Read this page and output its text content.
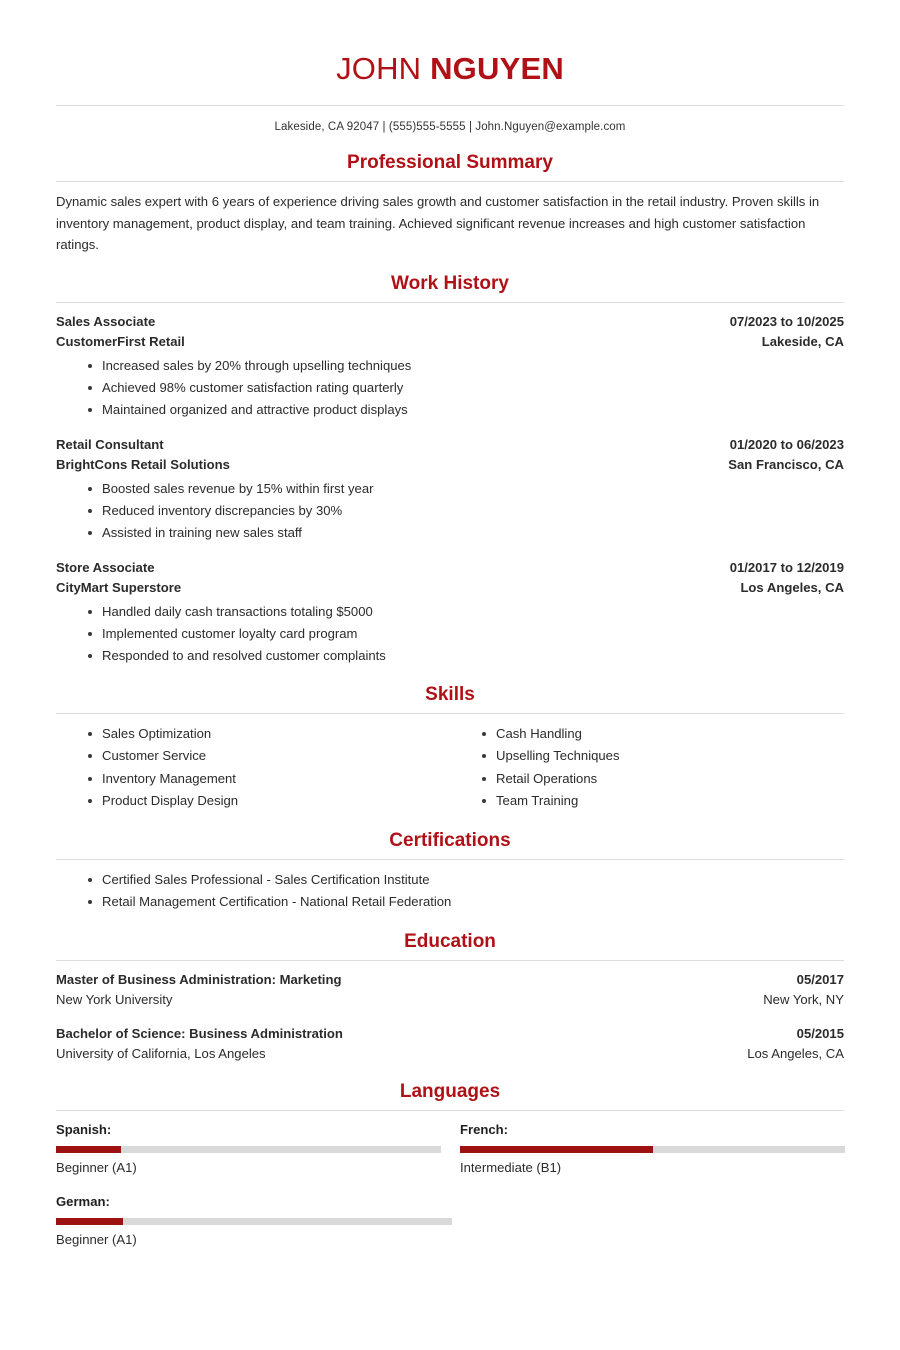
JOHN NGUYEN
Lakeside, CA 92047 | (555)555-5555 | John.Nguyen@example.com
Professional Summary

Dynamic sales expert with 6 years of experience driving sales growth and customer satisfaction in the retail industry. Proven skills in inventory management, product display, and team training. Achieved significant revenue increases and high customer satisfaction ratings.

Work History
Sales Associate	07/2023 to 10/2025
CustomerFirst Retail	Lakeside, CA
Increased sales by 20% through upselling techniques
Achieved 98% customer satisfaction rating quarterly
Maintained organized and attractive product displays
Retail Consultant	01/2020 to 06/2023
BrightCons Retail Solutions	San Francisco, CA
Boosted sales revenue by 15% within first year
Reduced inventory discrepancies by 30%
Assisted in training new sales staff
Store Associate	01/2017 to 12/2019
CityMart Superstore	Los Angeles, CA
Handled daily cash transactions totaling $5000
Implemented customer loyalty card program
Responded to and resolved customer complaints
Skills
Sales Optimization
Customer Service
Inventory Management
Product Display Design
Cash Handling
Upselling Techniques
Retail Operations
Team Training
Certifications
Certified Sales Professional - Sales Certification Institute
Retail Management Certification - National Retail Federation
Education
Master of Business Administration: Marketing	05/2017
New York University	New York, NY
Bachelor of Science: Business Administration	05/2015
University of California, Los Angeles	Los Angeles, CA
Languages
Spanish:
Beginner (A1)
French:
Intermediate (B1)
German:
Beginner (A1)
